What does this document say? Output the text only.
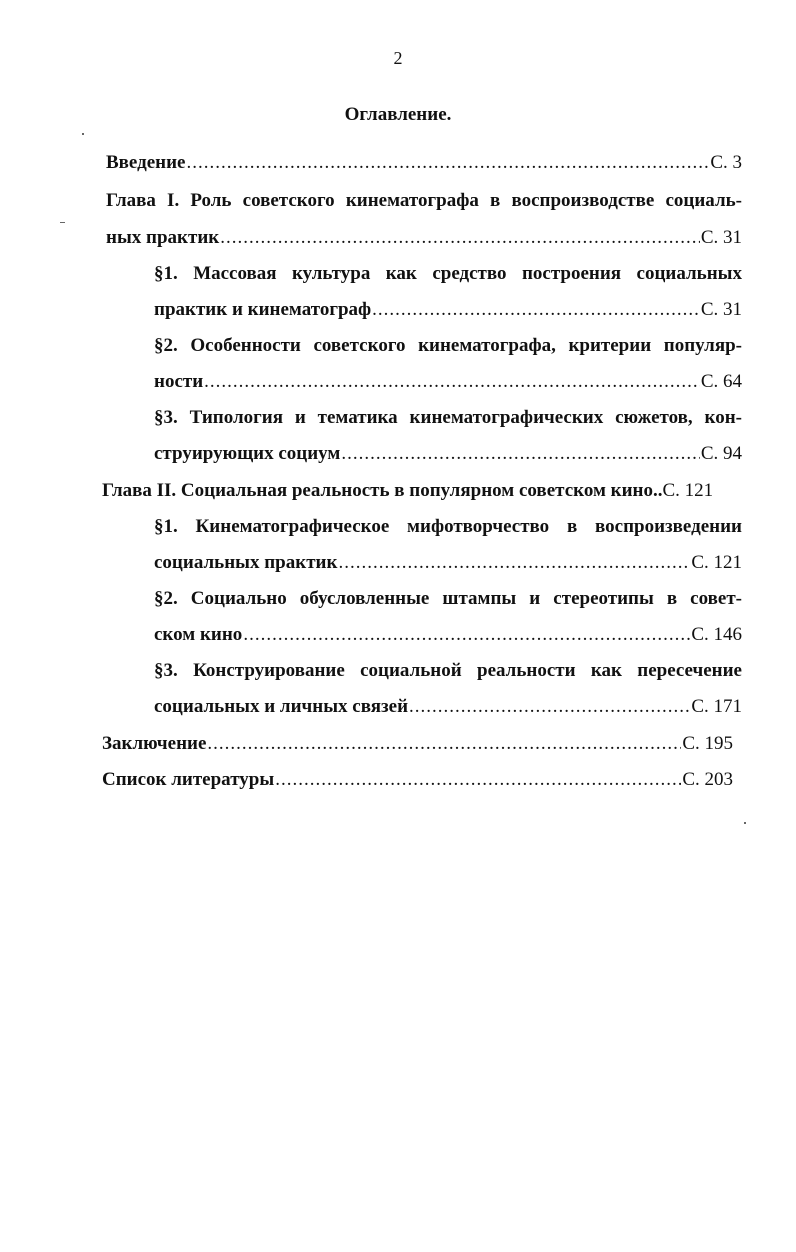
2
Оглавление.
Введение .....	С. 3
Глава I. Роль советского кинематографа в воспроизводстве социаль-
ных практик .....	С. 31
§1. Массовая культура как средство построения социальных
практик и кинематограф .....	С. 31
§2. Особенности советского кинематографа, критерии популяр-
ности .....	С. 64
§3. Типология и тематика кинематографических сюжетов, кон-
струирующих социум .....	С. 94
Глава II. Социальная реальность в популярном советском кино.. С. 121
§1. Кинематографическое мифотворчество в воспроизведении
социальных практик .....	С. 121
§2. Социально обусловленные штампы и стереотипы в совет-
ском кино .....	С. 146
§3. Конструирование социальной реальности как пересечение
социальных и личных связей .....	С. 171
Заключение .....	С. 195
Список литературы .....	С. 203
